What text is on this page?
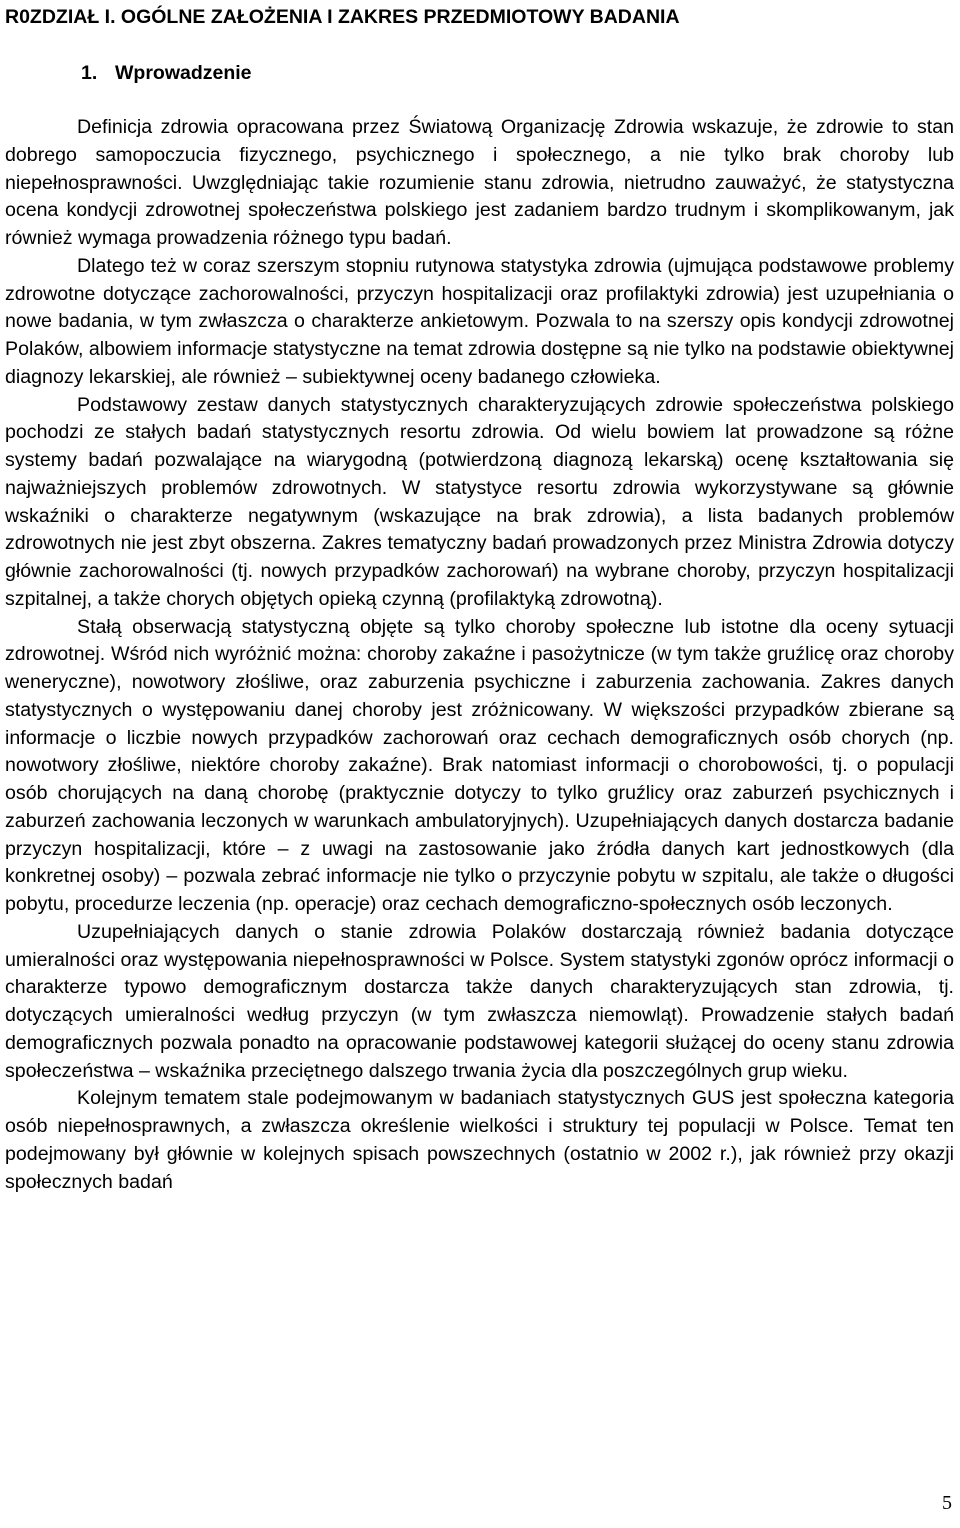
R0ZDZIAŁ I. OGÓLNE ZAŁOŻENIA I ZAKRES PRZEDMIOTOWY BADANIA
1. Wprowadzenie

Definicja zdrowia opracowana przez Światową Organizację Zdrowia wskazuje, że zdrowie to stan dobrego samopoczucia fizycznego, psychicznego i społecznego, a nie tylko brak choroby lub niepełnosprawności. Uwzględniając takie rozumienie stanu zdrowia, nietrudno zauważyć, że statystyczna ocena kondycji zdrowotnej społeczeństwa polskiego jest zadaniem bardzo trudnym i skomplikowanym, jak również wymaga prowadzenia różnego typu badań.

Dlatego też w coraz szerszym stopniu rutynowa statystyka zdrowia (ujmująca podstawowe problemy zdrowotne dotyczące zachorowalności, przyczyn hospitalizacji oraz profilaktyki zdrowia) jest uzupełniania o nowe badania, w tym zwłaszcza o charakterze ankietowym. Pozwala to na szerszy opis kondycji zdrowotnej Polaków, albowiem informacje statystyczne na temat zdrowia dostępne są nie tylko na podstawie obiektywnej diagnozy lekarskiej, ale również – subiektywnej oceny badanego człowieka.

Podstawowy zestaw danych statystycznych charakteryzujących zdrowie społeczeństwa polskiego pochodzi ze stałych badań statystycznych resortu zdrowia. Od wielu bowiem lat prowadzone są różne systemy badań pozwalające na wiarygodną (potwierdzoną diagnozą lekarską) ocenę kształtowania się najważniejszych problemów zdrowotnych. W statystyce resortu zdrowia wykorzystywane są głównie wskaźniki o charakterze negatywnym (wskazujące na brak zdrowia), a lista badanych problemów zdrowotnych nie jest zbyt obszerna. Zakres tematyczny badań prowadzonych przez Ministra Zdrowia dotyczy głównie zachorowalności (tj. nowych przypadków zachorowań) na wybrane choroby, przyczyn hospitalizacji szpitalnej, a także chorych objętych opieką czynną (profilaktyką zdrowotną).

Stałą obserwacją statystyczną objęte są tylko choroby społeczne lub istotne dla oceny sytuacji zdrowotnej. Wśród nich wyróżnić można: choroby zakaźne i pasożytnicze (w tym także gruźlicę oraz choroby weneryczne), nowotwory złośliwe, oraz zaburzenia psychiczne i zaburzenia zachowania. Zakres danych statystycznych o występowaniu danej choroby jest zróżnicowany. W większości przypadków zbierane są informacje o liczbie nowych przypadków zachorowań oraz cechach demograficznych osób chorych (np. nowotwory złośliwe, niektóre choroby zakaźne). Brak natomiast informacji o chorobowości, tj. o populacji osób chorujących na daną chorobę (praktycznie dotyczy to tylko gruźlicy oraz zaburzeń psychicznych i zaburzeń zachowania leczonych w warunkach ambulatoryjnych). Uzupełniających danych dostarcza badanie przyczyn hospitalizacji, które – z uwagi na zastosowanie jako źródła danych kart jednostkowych (dla konkretnej osoby) – pozwala zebrać informacje nie tylko o przyczynie pobytu w szpitalu, ale także o długości pobytu, procedurze leczenia (np. operacje) oraz cechach demograficzno-społecznych osób leczonych.

Uzupełniających danych o stanie zdrowia Polaków dostarczają również badania dotyczące umieralności oraz występowania niepełnosprawności w Polsce. System statystyki zgonów oprócz informacji o charakterze typowo demograficznym dostarcza także danych charakteryzujących stan zdrowia, tj. dotyczących umieralności według przyczyn (w tym zwłaszcza niemowląt). Prowadzenie stałych badań demograficznych pozwala ponadto na opracowanie podstawowej kategorii służącej do oceny stanu zdrowia społeczeństwa – wskaźnika przeciętnego dalszego trwania życia dla poszczególnych grup wieku.

Kolejnym tematem stale podejmowanym w badaniach statystycznych GUS jest społeczna kategoria osób niepełnosprawnych, a zwłaszcza określenie wielkości i struktury tej populacji w Polsce. Temat ten podejmowany był głównie w kolejnych spisach powszechnych (ostatnio w 2002 r.), jak również przy okazji społecznych badań

5
